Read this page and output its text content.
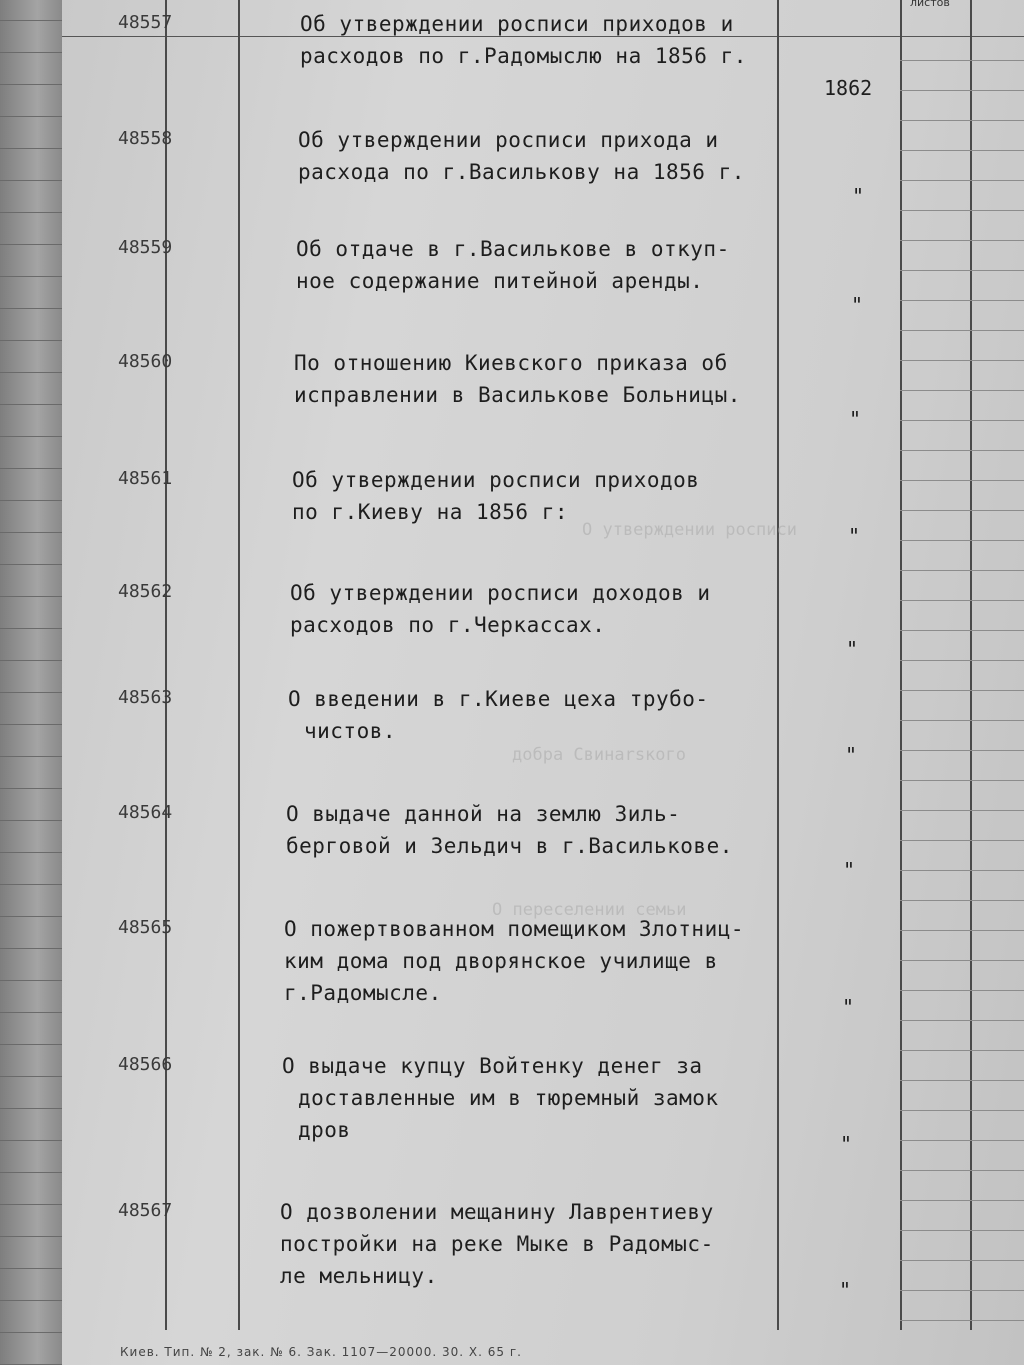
листов
О утверждении росписи
добра Свинаrsкого
О переселении семьи
48557	Об утверждении росписи приходов и
расходов по г.Радомыслю на 1856 г.
1862
48558	Об утверждении росписи прихода и
расхода по г.Василькову на 1856 г.
"
48559	Об отдаче в г.Василькове в откуп-
ное содержание питейной аренды.
"
48560	По отношению Киевского приказа об
исправлении в Василькове Больницы.
"
48561	Об утверждении росписи приходов
по г.Киеву на 1856 г:
"
48562	Об утверждении росписи доходов и
расходов по г.Черкассах.
"
48563	О введении в г.Киеве цеха трубо-
чистов.
"
48564	О выдаче данной на землю Зиль-
берговой и Зельдич в г.Василькове.
"
48565	О пожертвованном помещиком Злотниц-
ким дома под дворянское училище в
г.Радомысле.
"
48566	О выдаче купцу Войтенку денег за
доставленные им в тюремный замок
дров
"
48567	О дозволении мещанину Лаврентиеву
постройки на реке Мыке в Радомыс-
ле мельницу.
"
Киев. Тип. № 2, зак. № 6. Зак. 1107—20000. 30. Х. 65 г.
